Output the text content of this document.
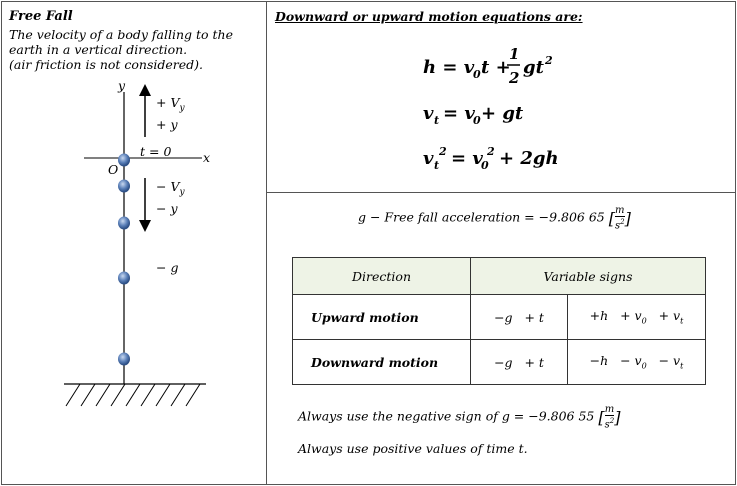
Free Fall
The velocity of a body falling to the
earth in a vertical direction.
(air friction is not considered).
y
x
O
t = 0
+ $V_y$
+ y
− $V_y$
− y
− g
Downward or upward motion equations are:
h = v
0 t +
1
2 gt 2
v t = v
0 + gt
v t
2 = v
0
2 + 2gh
g − Free fall acceleration = −9.806 65 [ $\frac{m}{s^2}$ ]
Direction	Variable signs	
Upward motion	−g   + t	$+h + v_0 + v_t$
Downward motion	−g   + t	$-h - v_0 - v_t$
Always use the negative sign of g = −9.806 55 [ $\frac{m}{s^2}$ ]
Always use positive values of time t.
